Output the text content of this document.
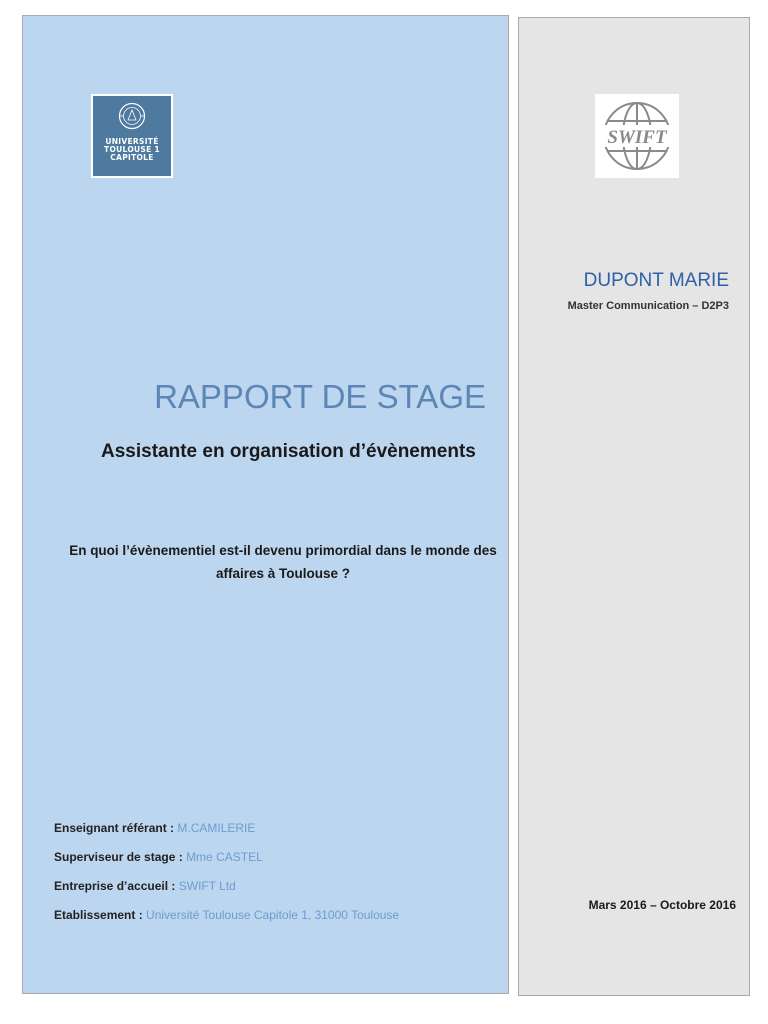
UNIVERSITÉ
TOULOUSE 1
CAPITOLE
RAPPORT DE STAGE
Assistante en organisation d’évènements

En quoi l’évènementiel est-il devenu primordial dans le monde des affaires à Toulouse ?

Enseignant référant : M.CAMILERIE
Superviseur de stage : Mme CASTEL
Entreprise d’accueil : SWIFT Ltd
Etablissement : Université Toulouse Capitole 1, 31000 Toulouse
SWIFT

DUPONT MARIE

Master Communication – D2P3

Mars 2016 – Octobre 2016
